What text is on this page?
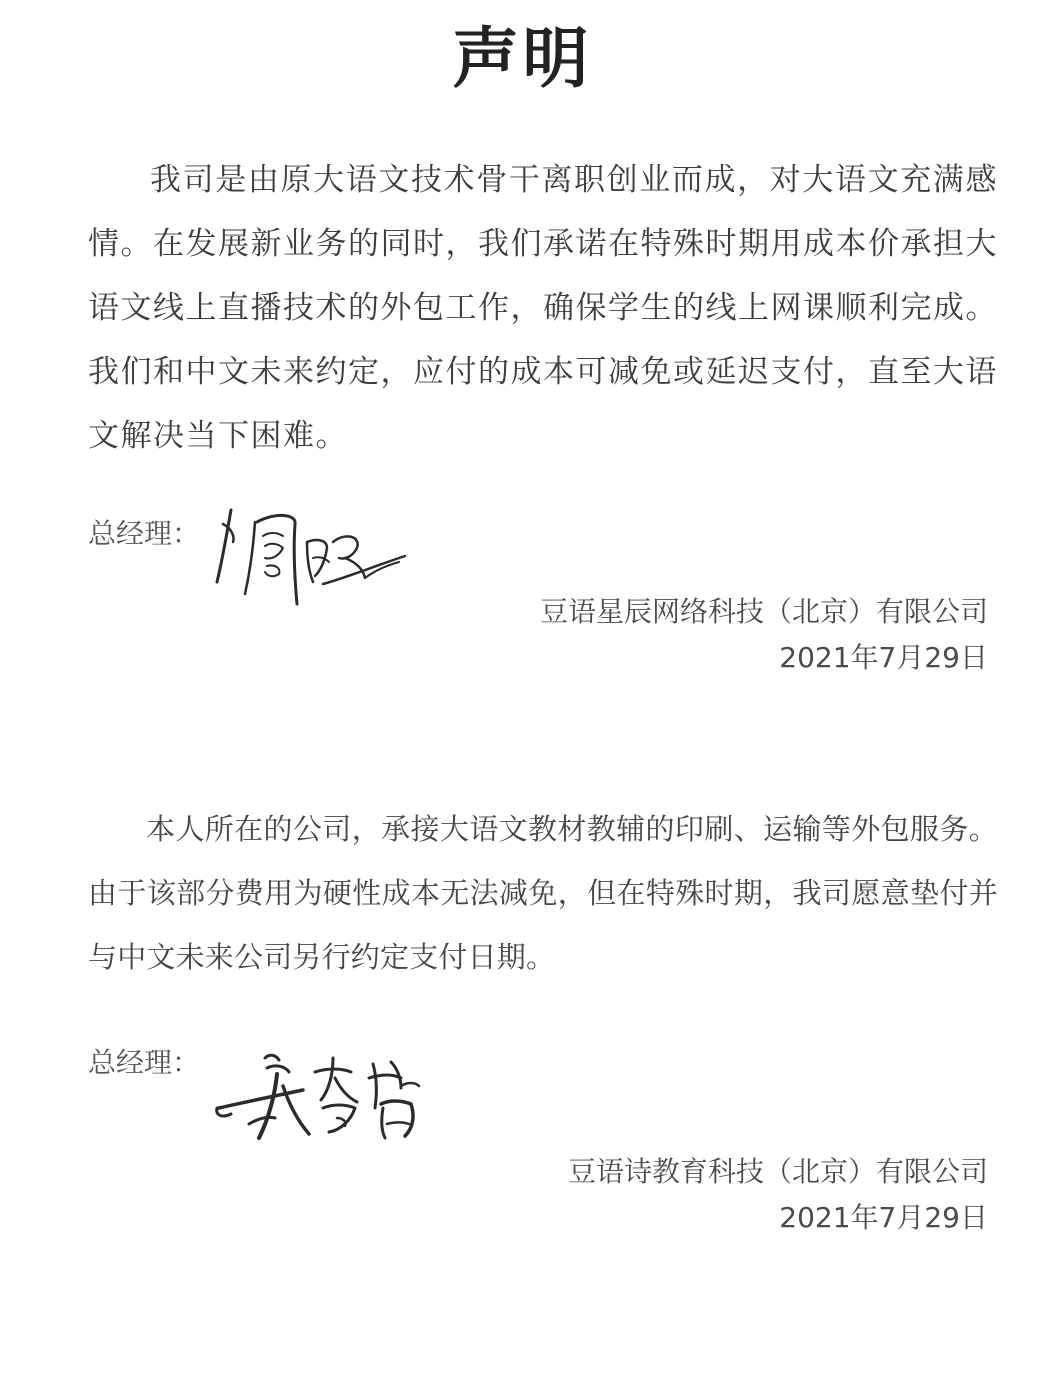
声明

我司是由原大语文技术骨干离职创业而成，对大语文充满感情。在发展新业务的同时，我们承诺在特殊时期用成本价承担大语文线上直播技术的外包工作，确保学生的线上网课顺利完成。我们和中文未来约定，应付的成本可减免或延迟支付，直至大语文解决当下困难。

总经理：
豆语星辰网络科技（北京）有限公司
2021年7月29日

本人所在的公司，承接大语文教材教辅的印刷、运输等外包服务。由于该部分费用为硬性成本无法减免，但在特殊时期，我司愿意垫付并与中文未来公司另行约定支付日期。

总经理：
豆语诗教育科技（北京）有限公司
2021年7月29日
